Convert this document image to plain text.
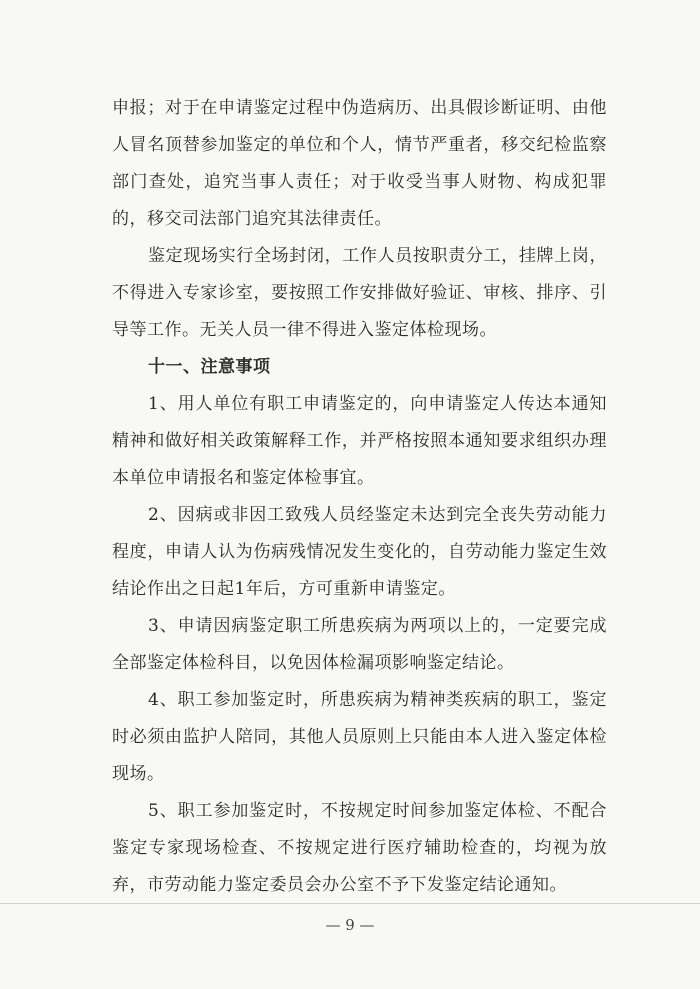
申报；对于在申请鉴定过程中伪造病历、出具假诊断证明、由他人冒名顶替参加鉴定的单位和个人，情节严重者，移交纪检监察部门查处，追究当事人责任；对于收受当事人财物、构成犯罪的，移交司法部门追究其法律责任。

鉴定现场实行全场封闭，工作人员按职责分工，挂牌上岗，不得进入专家诊室，要按照工作安排做好验证、审核、排序、引导等工作。无关人员一律不得进入鉴定体检现场。

十一、注意事项

1、用人单位有职工申请鉴定的，向申请鉴定人传达本通知精神和做好相关政策解释工作，并严格按照本通知要求组织办理本单位申请报名和鉴定体检事宜。

2、因病或非因工致残人员经鉴定未达到完全丧失劳动能力程度，申请人认为伤病残情况发生变化的，自劳动能力鉴定生效结论作出之日起1年后，方可重新申请鉴定。

3、申请因病鉴定职工所患疾病为两项以上的，一定要完成全部鉴定体检科目，以免因体检漏项影响鉴定结论。

4、职工参加鉴定时，所患疾病为精神类疾病的职工，鉴定时必须由监护人陪同，其他人员原则上只能由本人进入鉴定体检现场。

5、职工参加鉴定时，不按规定时间参加鉴定体检、不配合鉴定专家现场检查、不按规定进行医疗辅助检查的，均视为放弃，市劳动能力鉴定委员会办公室不予下发鉴定结论通知。

— 9 —
